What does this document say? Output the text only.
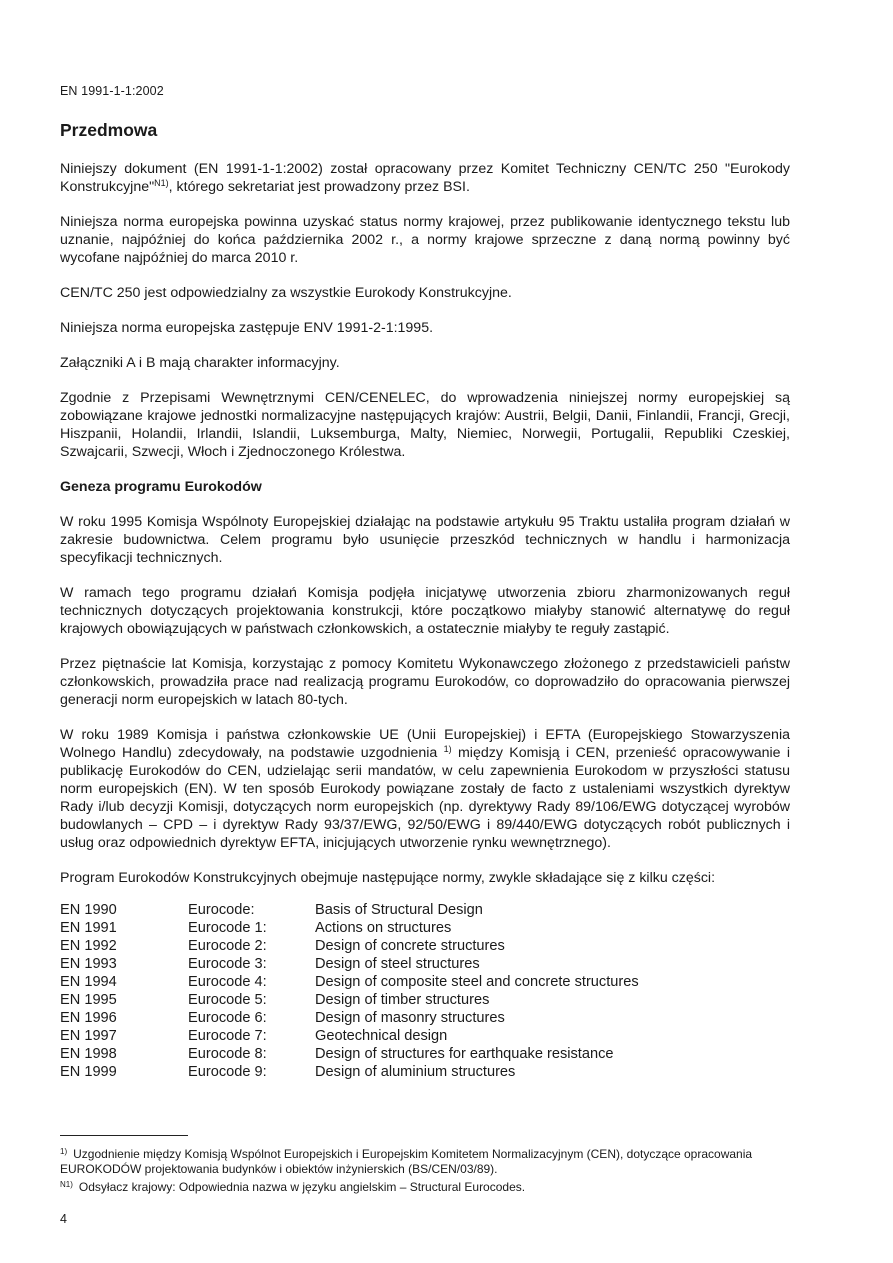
EN 1991-1-1:2002
Przedmowa

Niniejszy dokument (EN 1991-1-1:2002) został opracowany przez Komitet Techniczny CEN/TC 250 "Eurokody Konstrukcyjne"$^{N1)}$, którego sekretariat jest prowadzony przez BSI.

Niniejsza norma europejska powinna uzyskać status normy krajowej, przez publikowanie identycznego tekstu lub uznanie, najpóźniej do końca października 2002 r., a normy krajowe sprzeczne z daną normą powinny być wycofane najpóźniej do marca 2010 r.

CEN/TC 250 jest odpowiedzialny za wszystkie Eurokody Konstrukcyjne.

Niniejsza norma europejska zastępuje ENV 1991-2-1:1995.

Załączniki A i B mają charakter informacyjny.

Zgodnie z Przepisami Wewnętrznymi CEN/CENELEC, do wprowadzenia niniejszej normy europejskiej są zobowiązane krajowe jednostki normalizacyjne następujących krajów: Austrii, Belgii, Danii, Finlandii, Francji, Grecji, Hiszpanii, Holandii, Irlandii, Islandii, Luksemburga, Malty, Niemiec, Norwegii, Portugalii, Republiki Czeskiej, Szwajcarii, Szwecji, Włoch i Zjednoczonego Królestwa.

Geneza programu Eurokodów

W roku 1995 Komisja Wspólnoty Europejskiej działając na podstawie artykułu 95 Traktu ustaliła program działań w zakresie budownictwa. Celem programu było usunięcie przeszkód technicznych w handlu i harmonizacja specyfikacji technicznych.

W ramach tego programu działań Komisja podjęła inicjatywę utworzenia zbioru zharmonizowanych reguł technicznych dotyczących projektowania konstrukcji, które początkowo miałyby stanowić alternatywę do reguł krajowych obowiązujących w państwach członkowskich, a ostatecznie miałyby te reguły zastąpić.

Przez piętnaście lat Komisja, korzystając z pomocy Komitetu Wykonawczego złożonego z przedstawicieli państw członkowskich, prowadziła prace nad realizacją programu Eurokodów, co doprowadziło do opracowania pierwszej generacji norm europejskich w latach 80-tych.

W roku 1989 Komisja i państwa członkowskie UE (Unii Europejskiej) i EFTA (Europejskiego Stowarzyszenia Wolnego Handlu) zdecydowały, na podstawie uzgodnienia $^{1)}$ między Komisją i CEN, przenieść opracowywanie i publikację Eurokodów do CEN, udzielając serii mandatów, w celu zapewnienia Eurokodom w przyszłości statusu norm europejskich (EN). W ten sposób Eurokody powiązane zostały de facto z ustaleniami wszystkich dyrektyw Rady i/lub decyzji Komisji, dotyczących norm europejskich (np. dyrektywy Rady 89/106/EWG dotyczącej wyrobów budowlanych – CPD – i dyrektyw Rady 93/37/EWG, 92/50/EWG i 89/440/EWG dotyczących robót publicznych i usług oraz odpowiednich dyrektyw EFTA, inicjujących utworzenie rynku wewnętrznego).

Program Eurokodów Konstrukcyjnych obejmuje następujące normy, zwykle składające się z kilku części:

EN 1990	Eurocode:	Basis of Structural Design
EN 1991	Eurocode 1:	Actions on structures
EN 1992	Eurocode 2:	Design of concrete structures
EN 1993	Eurocode 3:	Design of steel structures
EN 1994	Eurocode 4:	Design of composite steel and concrete structures
EN 1995	Eurocode 5:	Design of timber structures
EN 1996	Eurocode 6:	Design of masonry structures
EN 1997	Eurocode 7:	Geotechnical design
EN 1998	Eurocode 8:	Design of structures for earthquake resistance
EN 1999	Eurocode 9:	Design of aluminium structures

$^{1)}$ Uzgodnienie między Komisją Wspólnot Europejskich i Europejskim Komitetem Normalizacyjnym (CEN), dotyczące opracowania EUROKODÓW projektowania budynków i obiektów inżynierskich (BS/CEN/03/89).

$^{N1)}$ Odsyłacz krajowy: Odpowiednia nazwa w języku angielskim – Structural Eurocodes.

4
